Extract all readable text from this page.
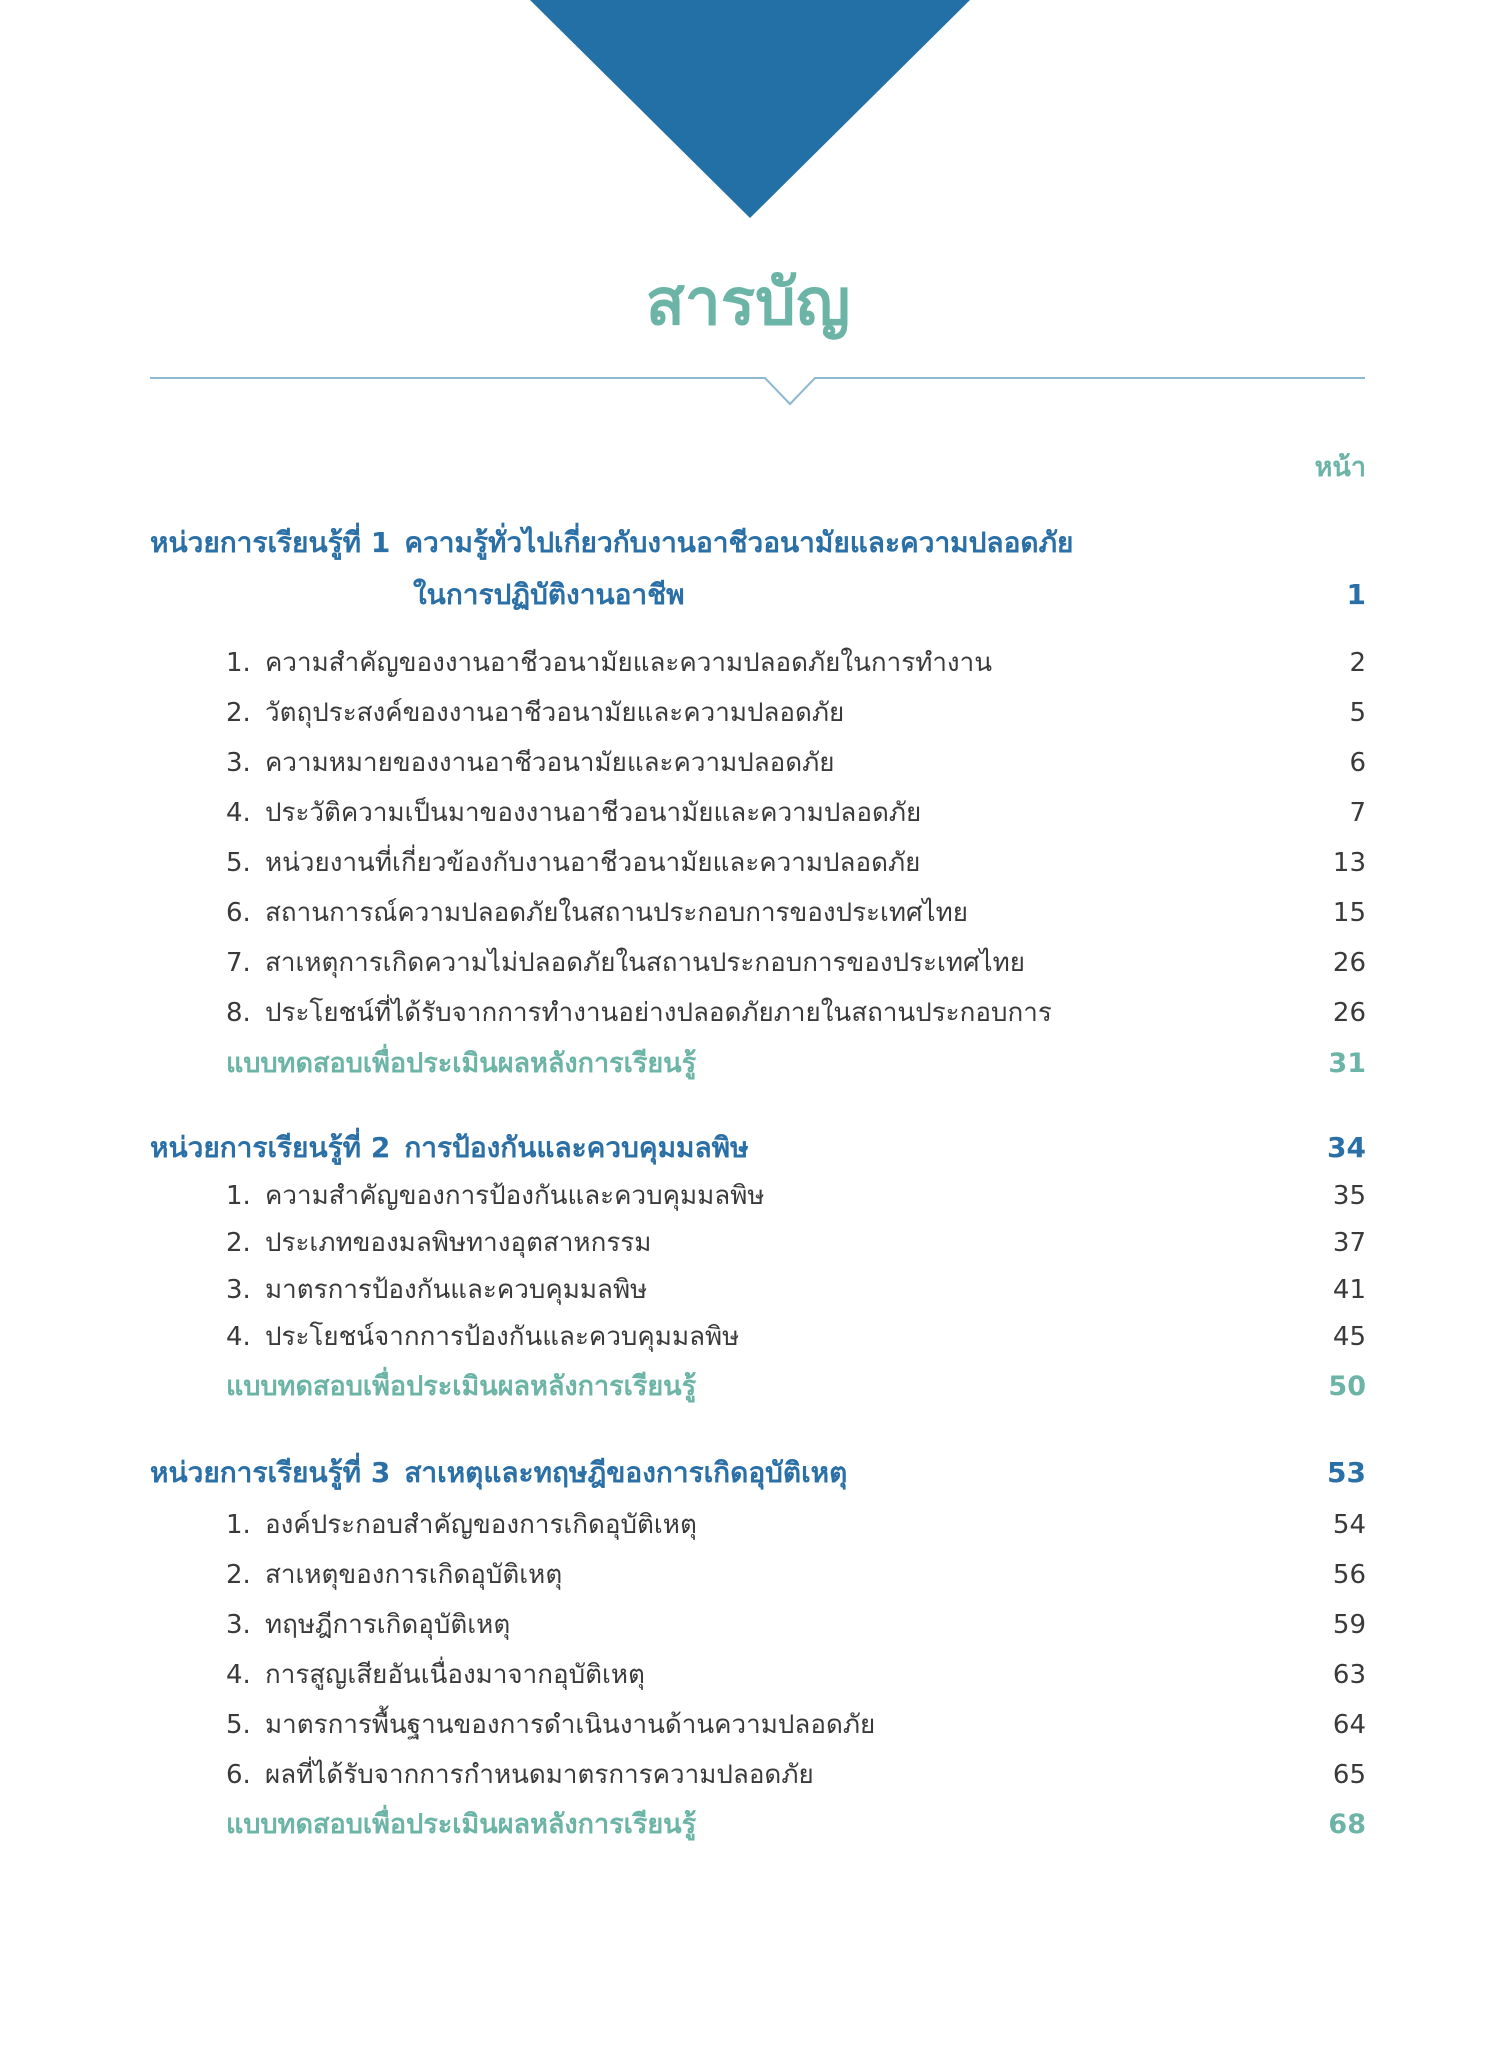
สารบัญ
หน้า
หน่วยการเรียนรู้ที่ 1 ความรู้ทั่วไปเกี่ยวกับงานอาชีวอนามัยและความปลอดภัย
ในการปฏิบัติงานอาชีพ	1
1. ความสำคัญของงานอาชีวอนามัยและความปลอดภัยในการทำงาน	2
2. วัตถุประสงค์ของงานอาชีวอนามัยและความปลอดภัย	5
3. ความหมายของงานอาชีวอนามัยและความปลอดภัย	6
4. ประวัติความเป็นมาของงานอาชีวอนามัยและความปลอดภัย	7
5. หน่วยงานที่เกี่ยวข้องกับงานอาชีวอนามัยและความปลอดภัย	13
6. สถานการณ์ความปลอดภัยในสถานประกอบการของประเทศไทย	15
7. สาเหตุการเกิดความไม่ปลอดภัยในสถานประกอบการของประเทศไทย	26
8. ประโยชน์ที่ได้รับจากการทำงานอย่างปลอดภัยภายในสถานประกอบการ	26
แบบทดสอบเพื่อประเมินผลหลังการเรียนรู้	31
หน่วยการเรียนรู้ที่ 2 การป้องกันและควบคุมมลพิษ	34
1. ความสำคัญของการป้องกันและควบคุมมลพิษ	35
2. ประเภทของมลพิษทางอุตสาหกรรม	37
3. มาตรการป้องกันและควบคุมมลพิษ	41
4. ประโยชน์จากการป้องกันและควบคุมมลพิษ	45
แบบทดสอบเพื่อประเมินผลหลังการเรียนรู้	50
หน่วยการเรียนรู้ที่ 3 สาเหตุและทฤษฎีของการเกิดอุบัติเหตุ	53
1. องค์ประกอบสำคัญของการเกิดอุบัติเหตุ	54
2. สาเหตุของการเกิดอุบัติเหตุ	56
3. ทฤษฎีการเกิดอุบัติเหตุ	59
4. การสูญเสียอันเนื่องมาจากอุบัติเหตุ	63
5. มาตรการพื้นฐานของการดำเนินงานด้านความปลอดภัย	64
6. ผลที่ได้รับจากการกำหนดมาตรการความปลอดภัย	65
แบบทดสอบเพื่อประเมินผลหลังการเรียนรู้	68
